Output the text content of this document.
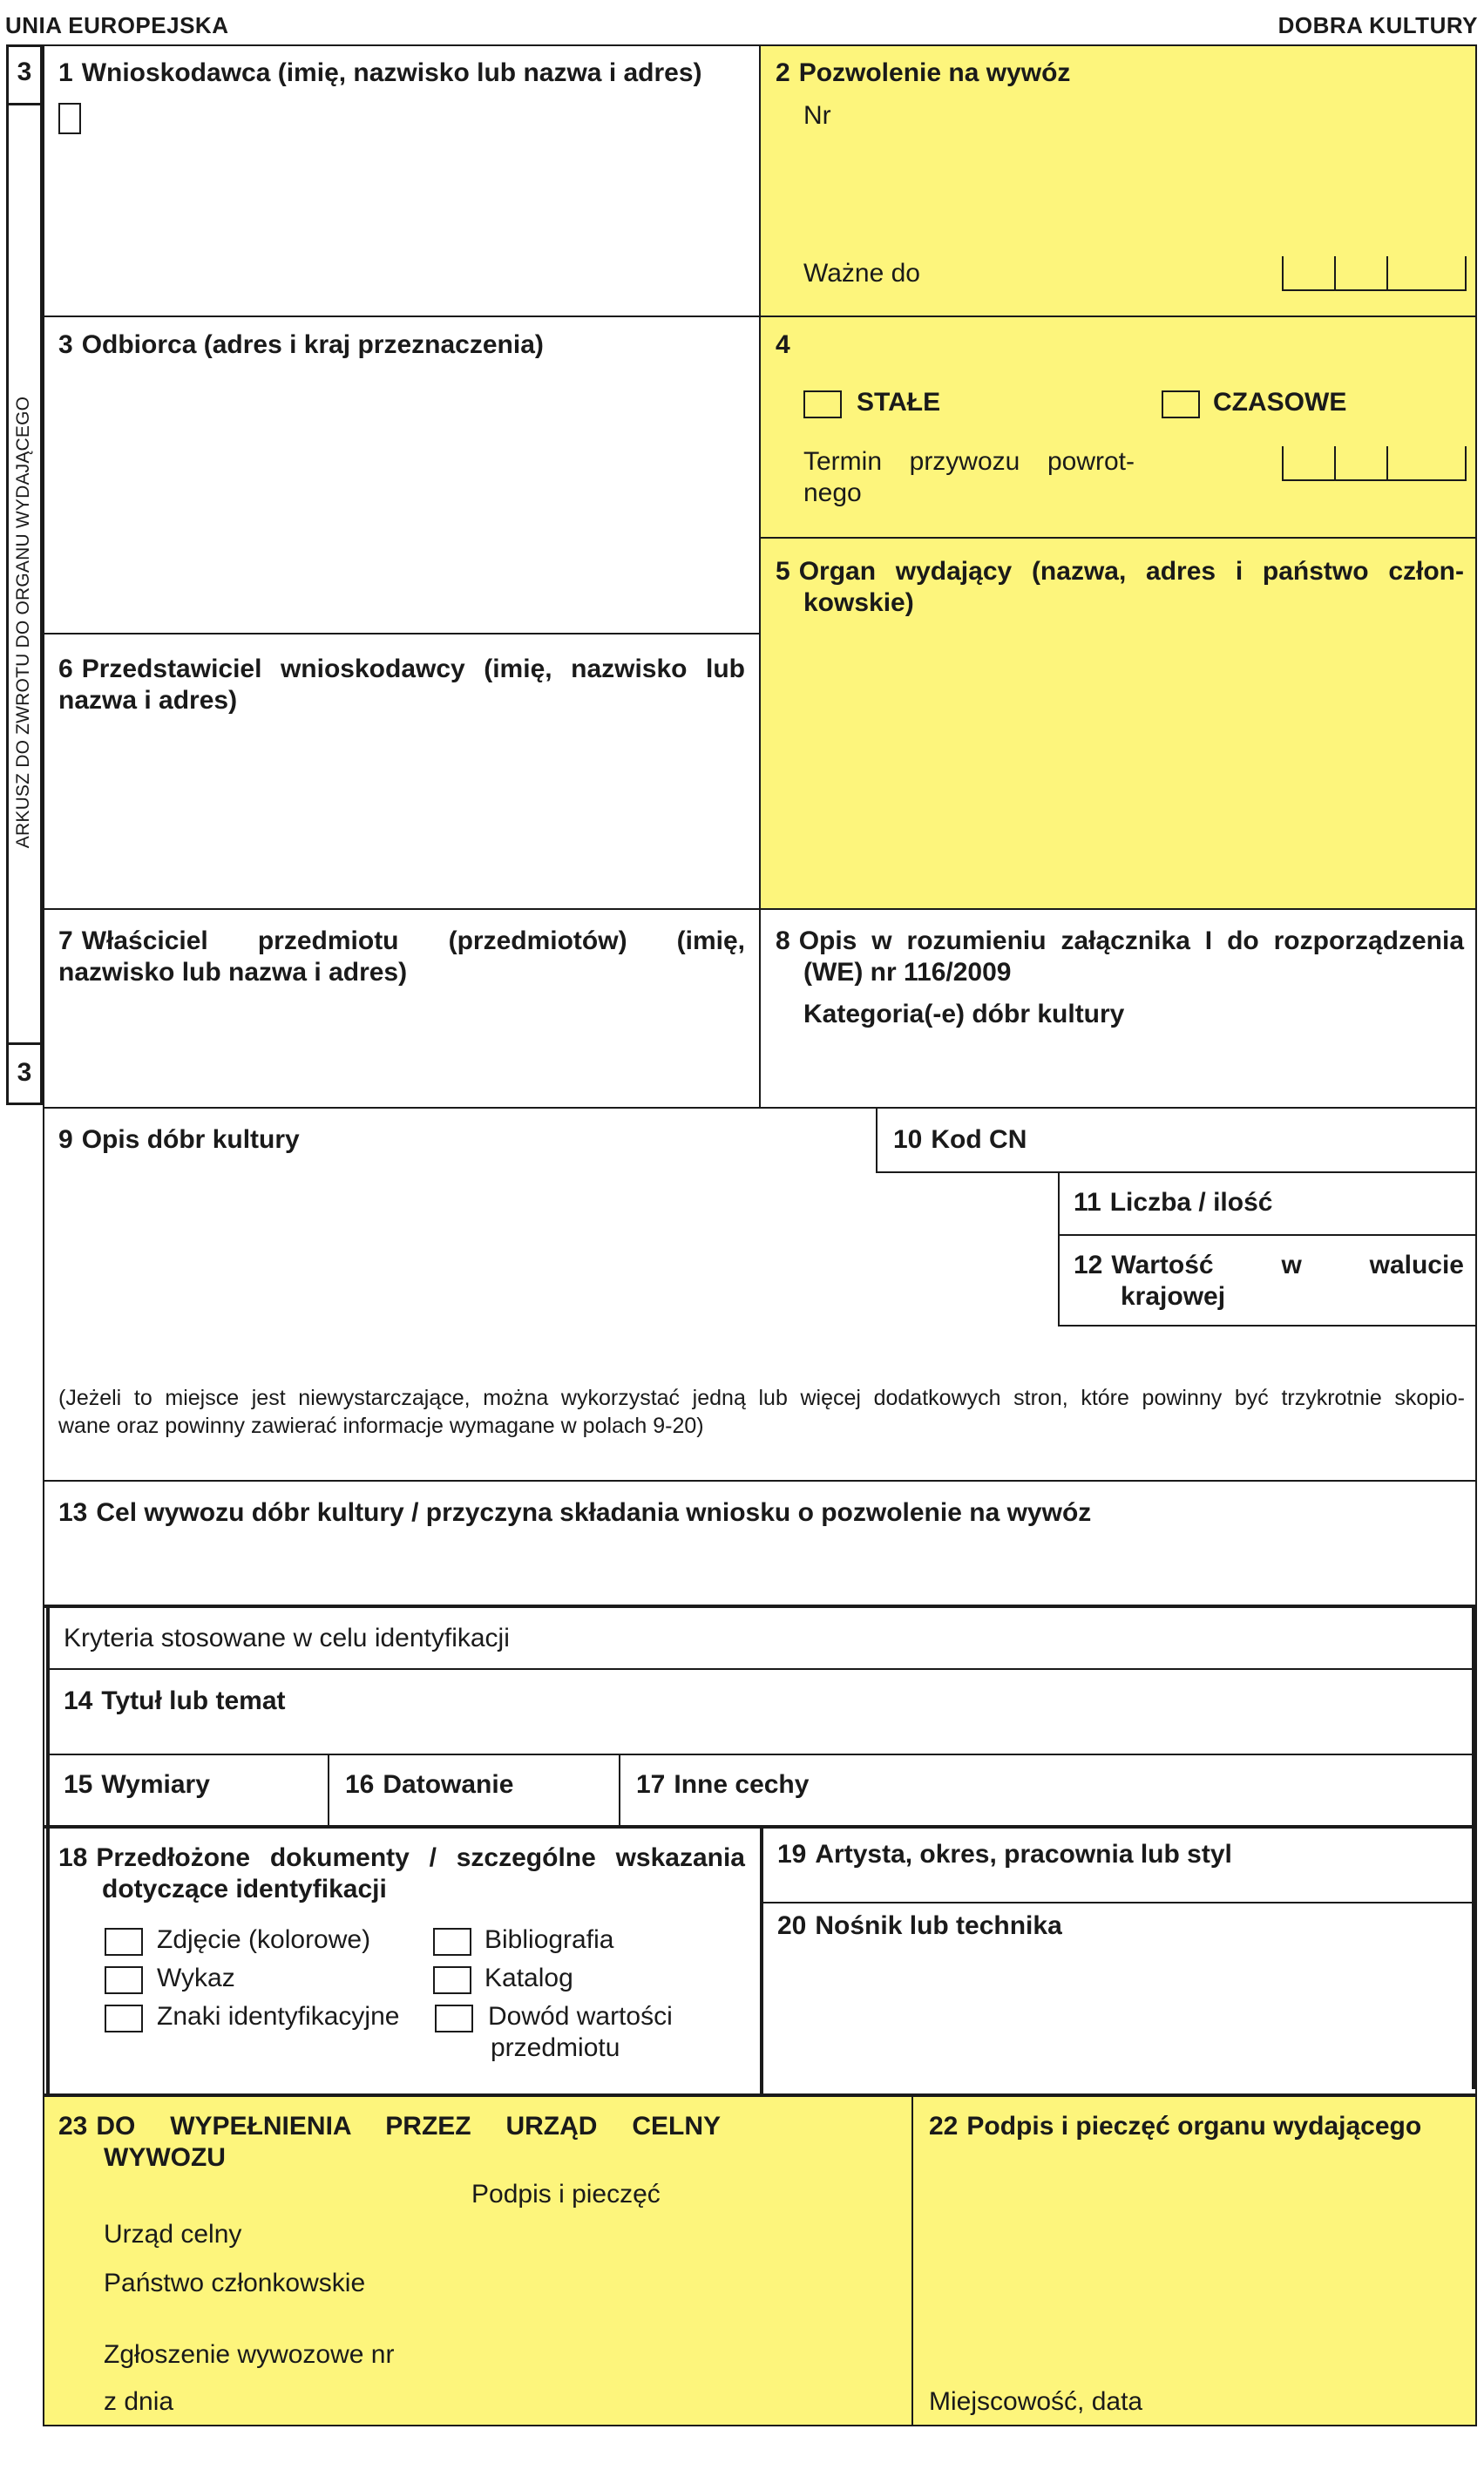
UNIA EUROPEJSKA	DOBRA KULTURY
3
ARKUSZ DO ZWROTU DO ORGANU WYDAJĄCEGO
3
1 Wnioskodawca (imię, nazwisko lub nazwa i adres)	2 Pozwolenie na wywóz
Nr
Ważne do
3 Odbiorca (adres i kraj przeznaczenia)	4
STAŁE	CZASOWE
Termin przywozu powrot-
nego
5 Organ wydający (nazwa, adres i państwo człon-
kowskie)
6 Przedstawiciel wnioskodawcy (imię, nazwisko lub
nazwa i adres)
7 Właściciel przedmiotu (przedmiotów) (imię,
nazwisko lub nazwa i adres)
8 Opis w rozumieniu załącznika I do rozporządzenia
(WE) nr 116/2009
Kategoria(-e) dóbr kultury
9 Opis dóbr kultury	10 Kod CN
11 Liczba / ilość
12 Wartość w walucie
krajowej
(Jeżeli to miejsce jest niewystarczające, można wykorzystać jedną lub więcej dodatkowych stron, które powinny być trzykrotnie skopio-
wane oraz powinny zawierać informacje wymagane w polach 9-20)
13 Cel wywozu dóbr kultury / przyczyna składania wniosku o pozwolenie na wywóz
Kryteria stosowane w celu identyfikacji
14 Tytuł lub temat
15 Wymiary	16 Datowanie	17 Inne cechy
18 Przedłożone dokumenty / szczególne wskazania
dotyczące identyfikacji
Zdjęcie (kolorowe)	Bibliografia
Wykaz	Katalog
Znaki identyfikacyjne	Dowód wartości
przedmiotu
19 Artysta, okres, pracownia lub styl
20 Nośnik lub technika
23 DO WYPEŁNIENIA PRZEZ URZĄD CELNY
WYWOZU
Podpis i pieczęć
Urząd celny
Państwo członkowskie
Zgłoszenie wywozowe nr
z dnia
22 Podpis i pieczęć organu wydającego
Miejscowość, data
